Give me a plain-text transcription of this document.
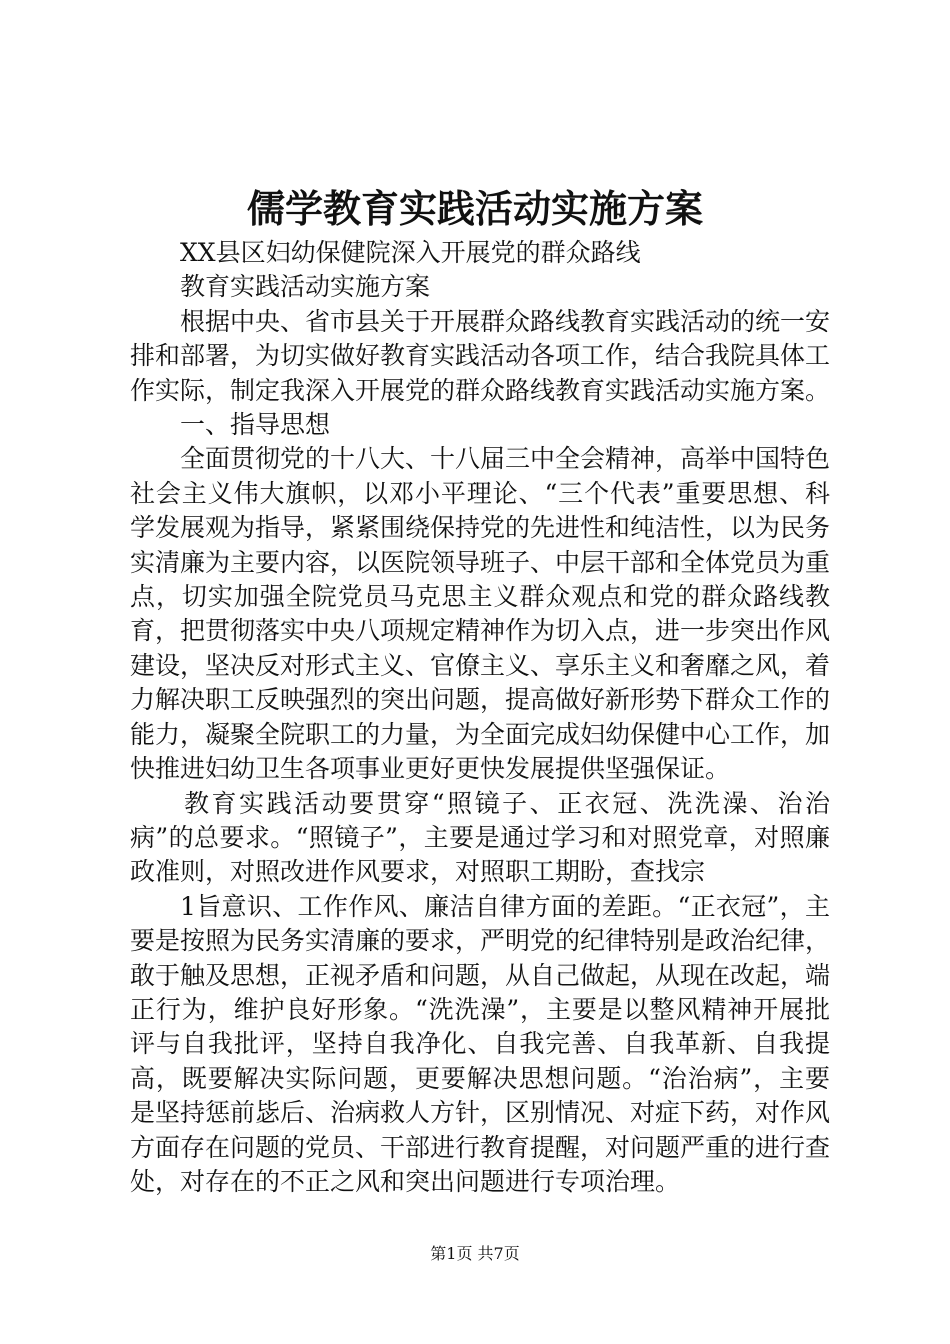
儒学教育实践活动实施方案

XX县区妇幼保健院深入开展党的群众路线

教育实践活动实施方案

根据中央、省市县关于开展群众路线教育实践活动的统一安排和部署，为切实做好教育实践活动各项工作，结合我院具体工作实际，制定我深入开展党的群众路线教育实践活动实施方案。

一、指导思想

全面贯彻党的十八大、十八届三中全会精神，高举中国特色社会主义伟大旗帜，以邓小平理论、“三个代表”重要思想、科学发展观为指导，紧紧围绕保持党的先进性和纯洁性，以为民务实清廉为主要内容，以医院领导班子、中层干部和全体党员为重点，切实加强全院党员马克思主义群众观点和党的群众路线教育，把贯彻落实中央八项规定精神作为切入点，进一步突出作风建设，坚决反对形式主义、官僚主义、享乐主义和奢靡之风，着力解决职工反映强烈的突出问题，提高做好新形势下群众工作的能力，凝聚全院职工的力量，为全面完成妇幼保健中心工作，加快推进妇幼卫生各项事业更好更快发展提供坚强保证。

教育实践活动要贯穿“照镜子、正衣冠、洗洗澡、治治病”的总要求。“照镜子”，主要是通过学习和对照党章，对照廉政准则，对照改进作风要求，对照职工期盼，查找宗

1旨意识、工作作风、廉洁自律方面的差距。“正衣冠”，主要是按照为民务实清廉的要求，严明党的纪律特别是政治纪律，敢于触及思想，正视矛盾和问题，从自己做起，从现在改起，端正行为，维护良好形象。“洗洗澡”，主要是以整风精神开展批评与自我批评，坚持自我净化、自我完善、自我革新、自我提高，既要解决实际问题，更要解决思想问题。“治治病”，主要是坚持惩前毖后、治病救人方针，区别情况、对症下药，对作风方面存在问题的党员、干部进行教育提醒，对问题严重的进行查处，对存在的不正之风和突出问题进行专项治理。

第1页 共7页
